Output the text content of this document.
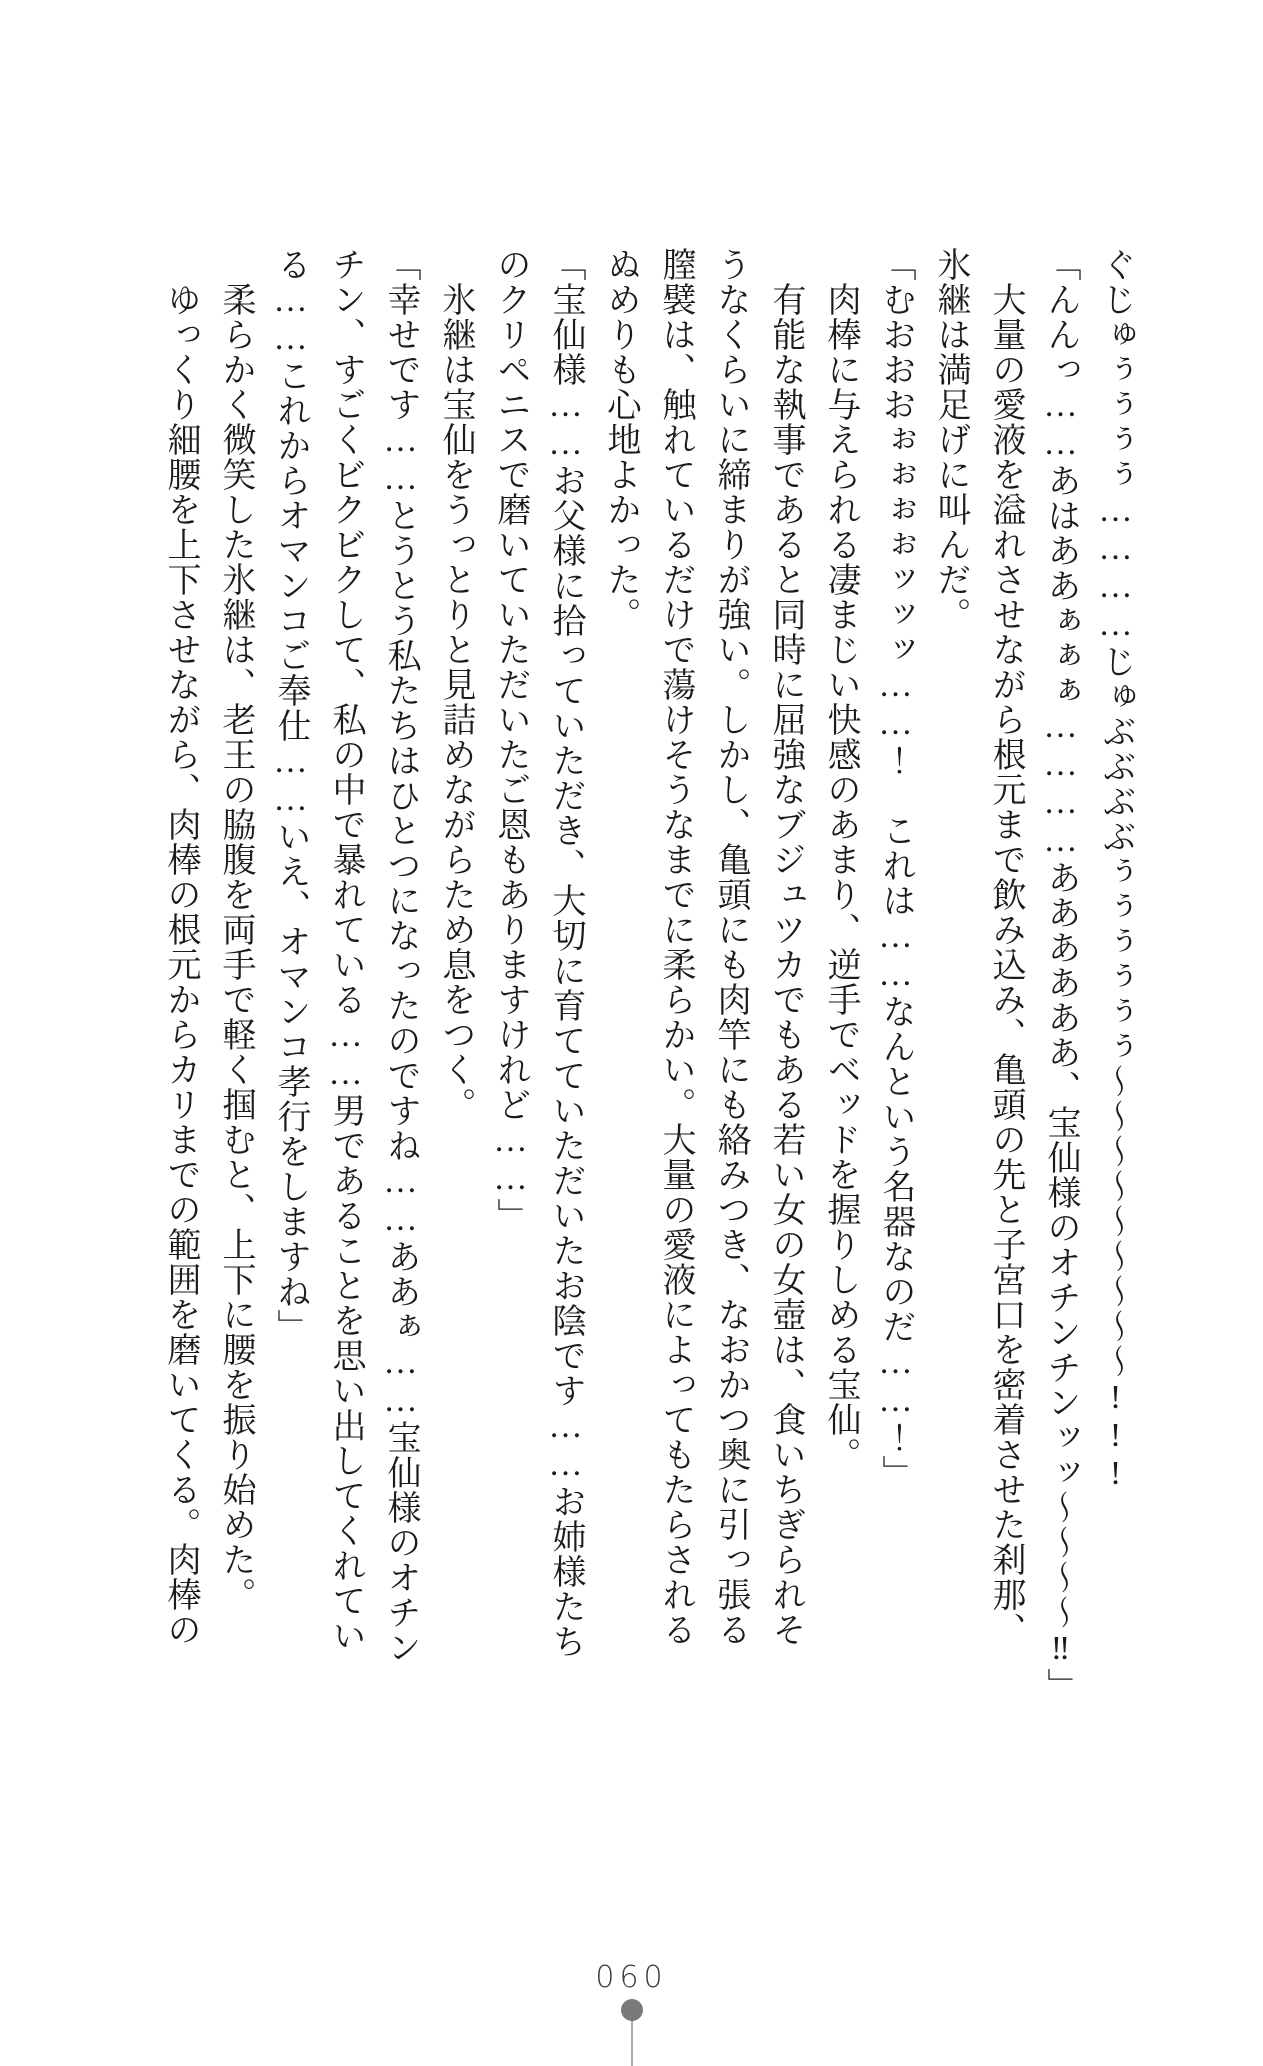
ぐじゅぅぅぅぅ…………じゅぶぶぶぶぅぅぅぅぅぅ～～～～～～～～～!!!
「んんっ……あはああぁぁぁ…………ああああああ、宝仙様のオチンチンッッ～～～～‼」
大量の愛液を溢れさせながら根元まで飲み込み、亀頭の先と子宮口を密着させた刹那、
氷継は満足げに叫んだ。
「むおおおぉぉぉぉッッッ……！　これは……なんという名器なのだ……！」
肉棒に与えられる凄まじい快感のあまり、逆手でベッドを握りしめる宝仙。
有能な執事であると同時に屈強なブジュツカでもある若い女の女壺は、食いちぎられそ
うなくらいに締まりが強い。しかし、亀頭にも肉竿にも絡みつき、なおかつ奥に引っ張る
膣襞は、触れているだけで蕩けそうなまでに柔らかい。大量の愛液によってもたらされる
ぬめりも心地よかった。
「宝仙様……お父様に拾っていただき、大切に育てていただいたお陰です……お姉様たち
のクリペニスで磨いていただいたご恩もありますけれど……」
氷継は宝仙をうっとりと見詰めながらため息をつく。
「幸せです……とうとう私たちはひとつになったのですね……ああぁ……宝仙様のオチン
チン、すごくビクビクして、私の中で暴れている……男であることを思い出してくれてい
る……これからオマンコご奉仕……いえ、オマンコ孝行をしますね」
柔らかく微笑した氷継は、老王の脇腹を両手で軽く掴むと、上下に腰を振り始めた。
ゆっくり細腰を上下させながら、肉棒の根元からカリまでの範囲を磨いてくる。肉棒の
060
